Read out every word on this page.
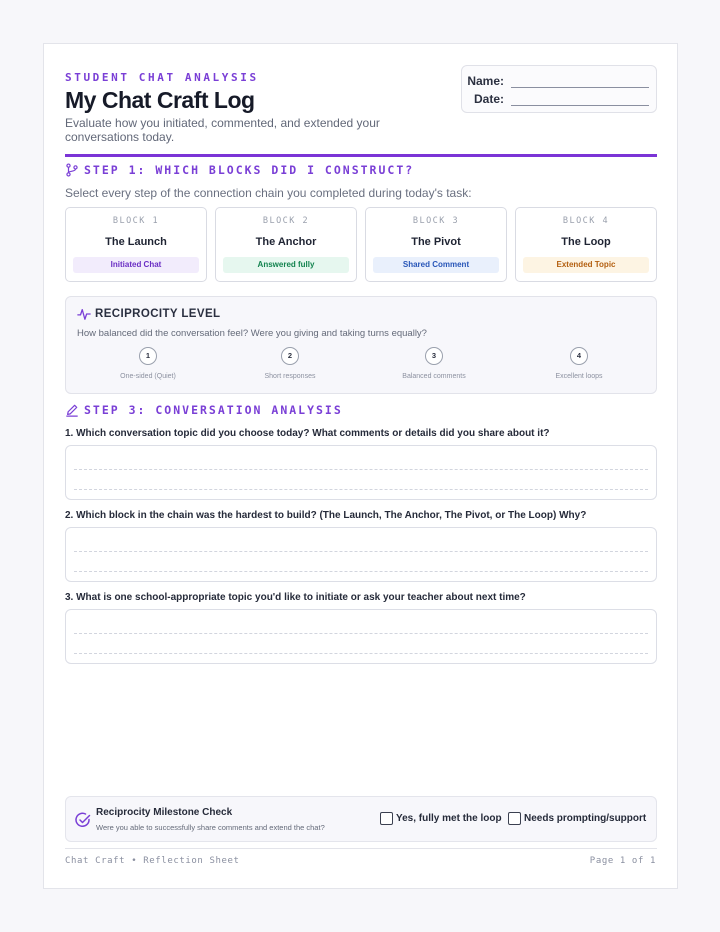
STUDENT CHAT ANALYSIS
My Chat Craft Log
Evaluate how you initiated, commented, and extended your conversations today.
Name:
Date:
STEP 1: WHICH BLOCKS DID I CONSTRUCT?
Select every step of the connection chain you completed during today's task:
BLOCK 1
The Launch
Initiated Chat
BLOCK 2
The Anchor
Answered fully
BLOCK 3
The Pivot
Shared Comment
BLOCK 4
The Loop
Extended Topic
RECIPROCITY LEVEL
How balanced did the conversation feel? Were you giving and taking turns equally?
1
One-sided (Quiet)
2
Short responses
3
Balanced comments
4
Excellent loops
STEP 3: CONVERSATION ANALYSIS
1. Which conversation topic did you choose today? What comments or details did you share about it?
2. Which block in the chain was the hardest to build? (The Launch, The Anchor, The Pivot, or The Loop) Why?
3. What is one school-appropriate topic you'd like to initiate or ask your teacher about next time?
Reciprocity Milestone Check
Were you able to successfully share comments and extend the chat?
Yes, fully met the loop Needs prompting/support
Chat Craft • Reflection Sheet	Page 1 of 1
